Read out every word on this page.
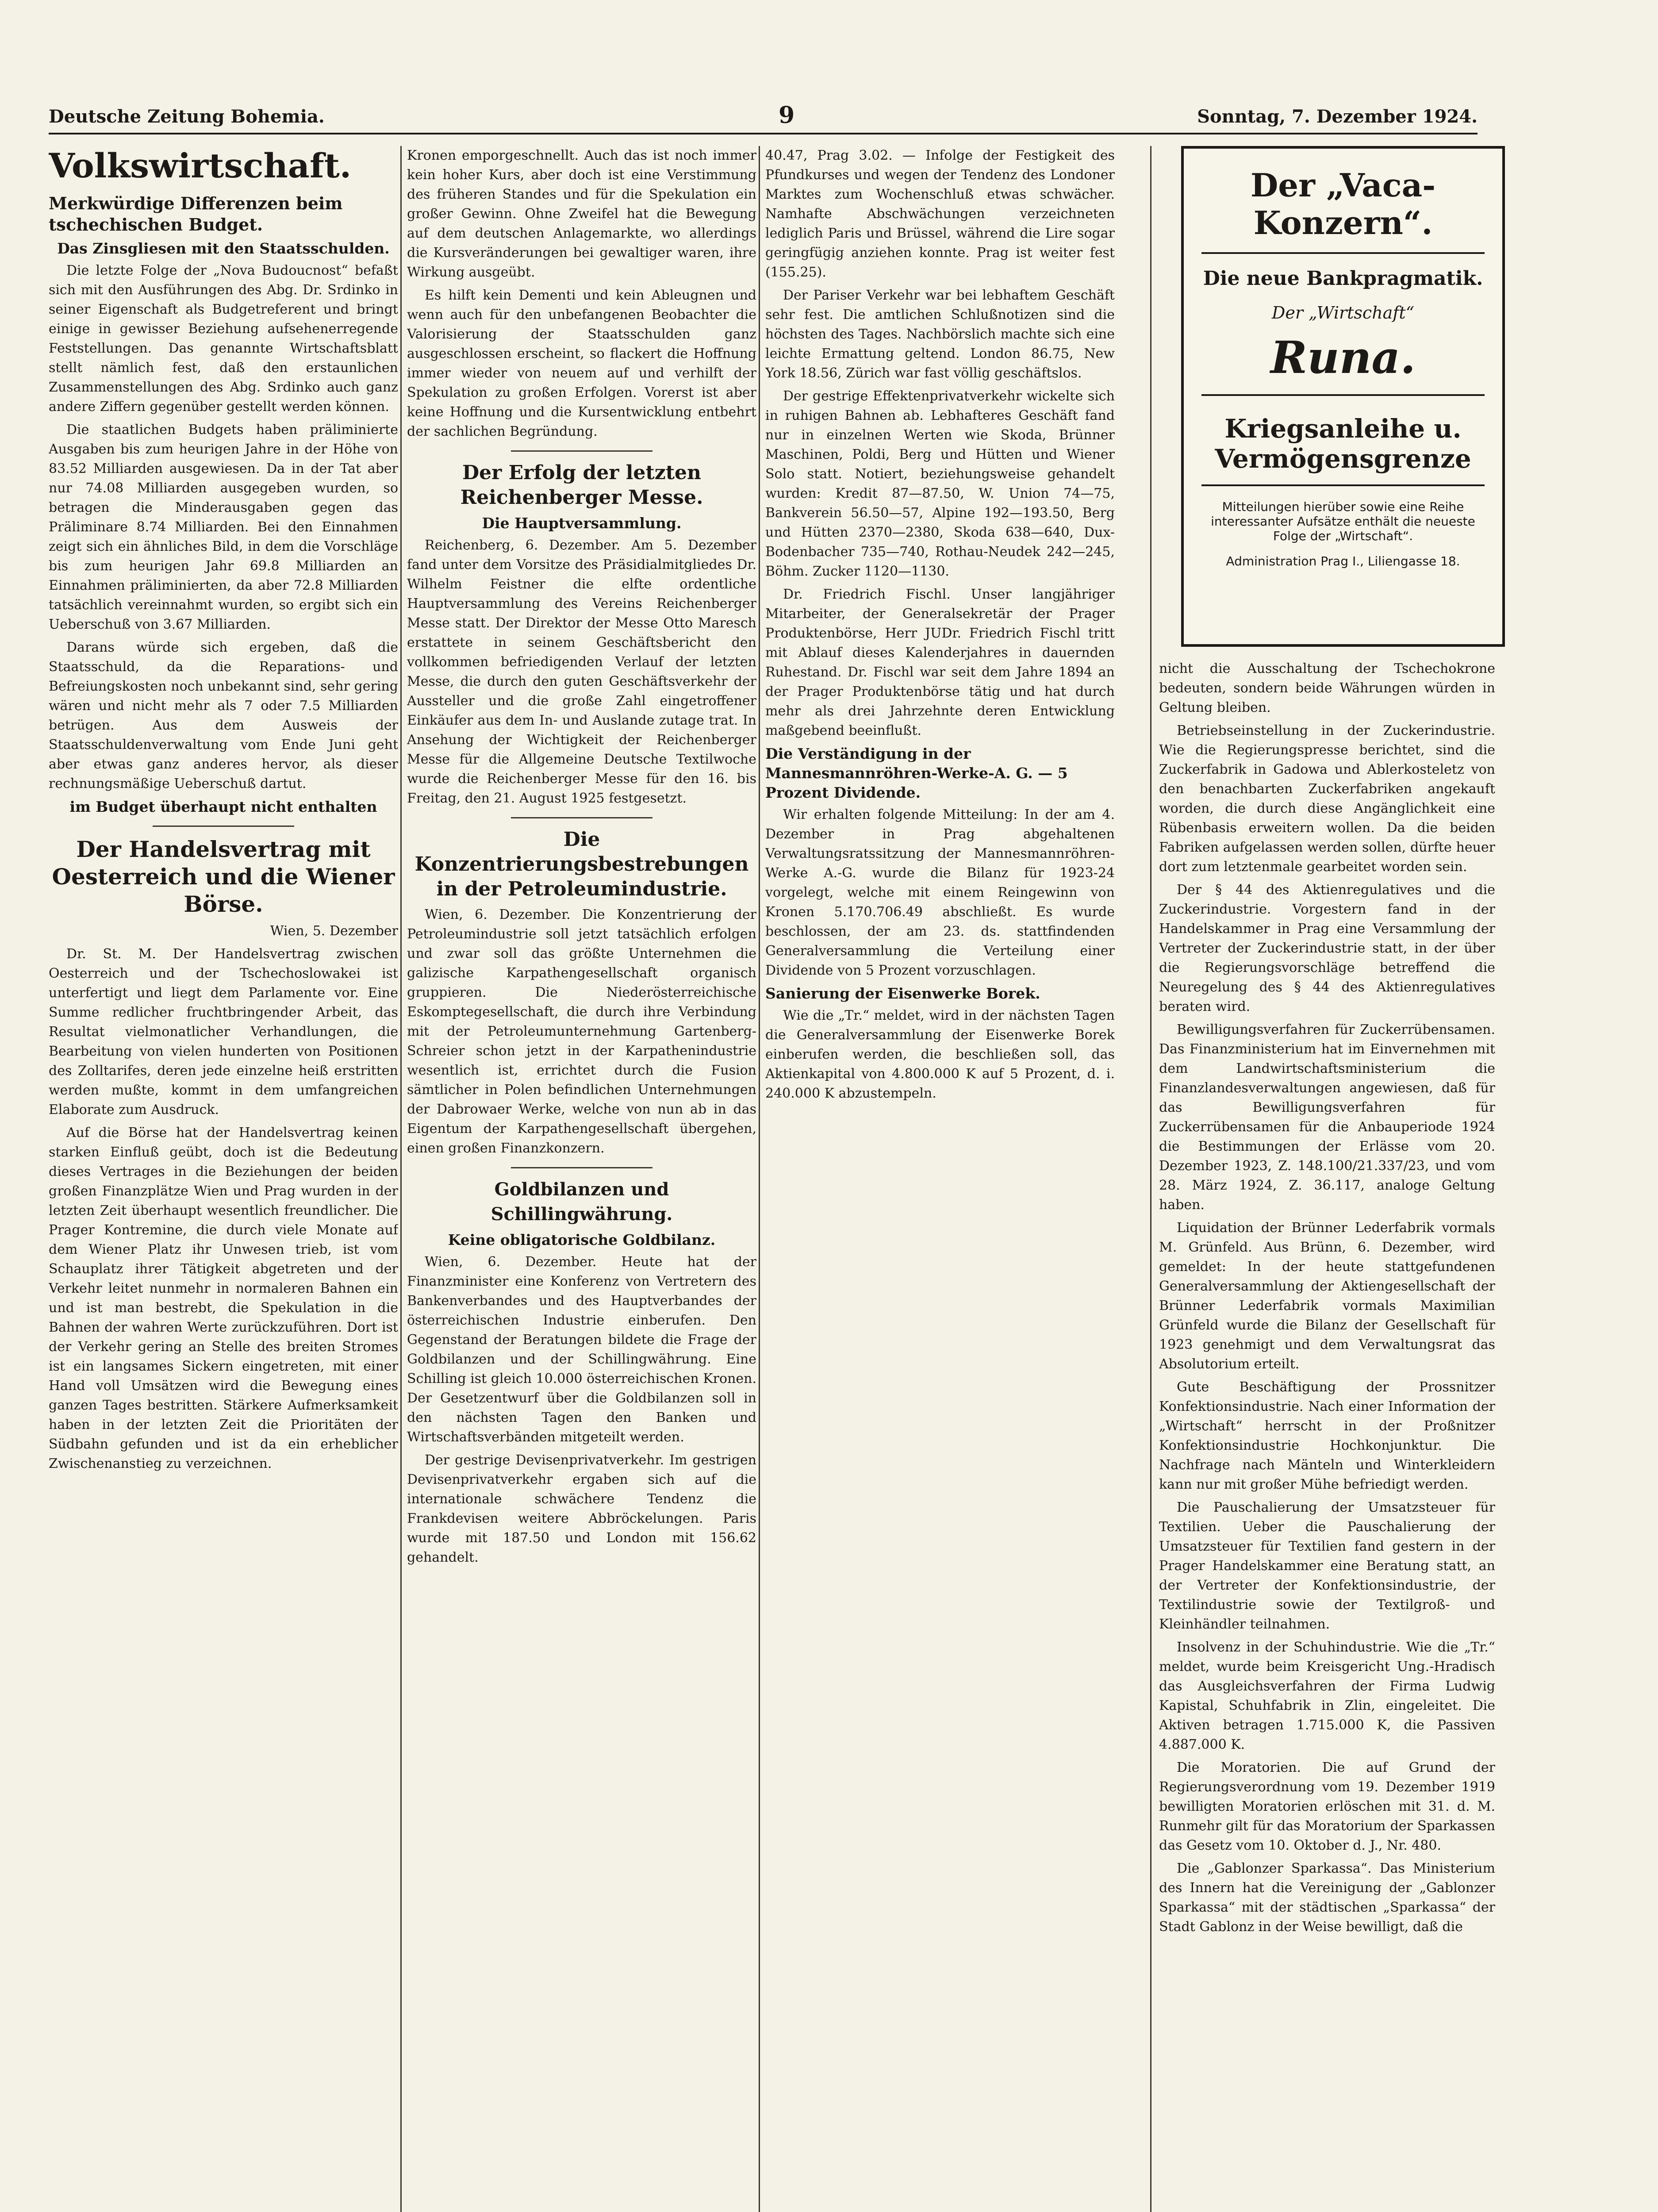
Deutsche Zeitung Bohemia.	9	Sonntag, 7. Dezember 1924.
Volkswirtschaft.
Merkwürdige Differenzen beim tschechischen Budget.
Das Zinsgliesen mit den Staatsschulden.

Die letzte Folge der „Nova Budoucnost“ befaßt sich mit den Ausführungen des Abg. Dr. Srdinko in seiner Eigenschaft als Budgetreferent und bringt einige in gewisser Beziehung aufsehenerregende Feststellungen. Das genannte Wirtschaftsblatt stellt nämlich fest, daß den erstaunlichen Zusammenstellungen des Abg. Srdinko auch ganz andere Ziffern gegenüber gestellt werden können.

Die staatlichen Budgets haben präliminierte Ausgaben bis zum heurigen Jahre in der Höhe von 83.52 Milliarden ausgewiesen. Da in der Tat aber nur 74.08 Milliarden ausgegeben wurden, so betragen die Minderausgaben gegen das Präliminare 8.74 Milliarden. Bei den Einnahmen zeigt sich ein ähnliches Bild, in dem die Vorschläge bis zum heurigen Jahr 69.8 Milliarden an Einnahmen präliminierten, da aber 72.8 Milliarden tatsächlich vereinnahmt wurden, so ergibt sich ein Ueberschuß von 3.67 Milliarden.

Darans würde sich ergeben, daß die Staatsschuld, da die Reparations- und Befreiungskosten noch unbekannt sind, sehr gering wären und nicht mehr als 7 oder 7.5 Milliarden betrügen. Aus dem Ausweis der Staatsschuldenverwaltung vom Ende Juni geht aber etwas ganz anderes hervor, als dieser rechnungsmäßige Ueberschuß dartut.

im Budget überhaupt nicht enthalten
Der Handelsvertrag mit Oesterreich und die Wiener Börse.

Wien, 5. Dezember

Dr. St. M. Der Handelsvertrag zwischen Oesterreich und der Tschechoslowakei ist unterfertigt und liegt dem Parlamente vor. Eine Summe redlicher fruchtbringender Arbeit, das Resultat vielmonatlicher Verhandlungen, die Bearbeitung von vielen hunderten von Positionen des Zolltarifes, deren jede einzelne heiß erstritten werden mußte, kommt in dem umfangreichen Elaborate zum Ausdruck.

Auf die Börse hat der Handelsvertrag keinen starken Einfluß geübt, doch ist die Bedeutung dieses Vertrages in die Beziehungen der beiden großen Finanzplätze Wien und Prag wurden in der letzten Zeit überhaupt wesentlich freundlicher. Die Prager Kontremine, die durch viele Monate auf dem Wiener Platz ihr Unwesen trieb, ist vom Schauplatz ihrer Tätigkeit abgetreten und der Verkehr leitet nunmehr in normaleren Bahnen ein und ist man bestrebt, die Spekulation in die Bahnen der wahren Werte zurückzuführen. Dort ist der Verkehr gering an Stelle des breiten Stromes ist ein langsames Sickern eingetreten, mit einer Hand voll Umsätzen wird die Bewegung eines ganzen Tages bestritten. Stärkere Aufmerksamkeit haben in der letzten Zeit die Prioritäten der Südbahn gefunden und ist da ein erheblicher Zwischenanstieg zu verzeichnen.

Kronen emporgeschnellt. Auch das ist noch immer kein hoher Kurs, aber doch ist eine Verstimmung des früheren Standes und für die Spekulation ein großer Gewinn. Ohne Zweifel hat die Bewegung auf dem deutschen Anlagemarkte, wo allerdings die Kursveränderungen bei gewaltiger waren, ihre Wirkung ausgeübt.

Es hilft kein Dementi und kein Ableugnen und wenn auch für den unbefangenen Beobachter die Valorisierung der Staatsschulden ganz ausgeschlossen erscheint, so flackert die Hoffnung immer wieder von neuem auf und verhilft der Spekulation zu großen Erfolgen. Vorerst ist aber keine Hoffnung und die Kursentwicklung entbehrt der sachlichen Begründung.

Der Erfolg der letzten Reichenberger Messe.
Die Hauptversammlung.

Reichenberg, 6. Dezember. Am 5. Dezember fand unter dem Vorsitze des Präsidialmitgliedes Dr. Wilhelm Feistner die elfte ordentliche Hauptversammlung des Vereins Reichenberger Messe statt. Der Direktor der Messe Otto Maresch erstattete in seinem Geschäftsbericht den vollkommen befriedigenden Verlauf der letzten Messe, die durch den guten Geschäftsverkehr der Aussteller und die große Zahl eingetroffener Einkäufer aus dem In- und Auslande zutage trat. In Ansehung der Wichtigkeit der Reichenberger Messe für die Allgemeine Deutsche Textilwoche wurde die Reichenberger Messe für den 16. bis Freitag, den 21. August 1925 festgesetzt.

Die Konzentrierungsbestrebungen in der Petroleumindustrie.

Wien, 6. Dezember. Die Konzentrierung der Petroleumindustrie soll jetzt tatsächlich erfolgen und zwar soll das größte Unternehmen die galizische Karpathengesellschaft organisch gruppieren. Die Niederösterreichische Eskomptegesellschaft, die durch ihre Verbindung mit der Petroleumunternehmung Gartenberg-Schreier schon jetzt in der Karpathenindustrie wesentlich ist, errichtet durch die Fusion sämtlicher in Polen befindlichen Unternehmungen der Dabrowaer Werke, welche von nun ab in das Eigentum der Karpathengesellschaft übergehen, einen großen Finanzkonzern.

Goldbilanzen und Schillingwährung.
Keine obligatorische Goldbilanz.

Wien, 6. Dezember. Heute hat der Finanzminister eine Konferenz von Vertretern des Bankenverbandes und des Hauptverbandes der österreichischen Industrie einberufen. Den Gegenstand der Beratungen bildete die Frage der Goldbilanzen und der Schillingwährung. Eine Schilling ist gleich 10.000 österreichischen Kronen. Der Gesetzentwurf über die Goldbilanzen soll in den nächsten Tagen den Banken und Wirtschaftsverbänden mitgeteilt werden.

Der gestrige Devisenprivatverkehr. Im gestrigen Devisenprivatverkehr ergaben sich auf die internationale schwächere Tendenz die Frankdevisen weitere Abbröckelungen. Paris wurde mit 187.50 und London mit 156.62 gehandelt.

40.47, Prag 3.02. — Infolge der Festigkeit des Pfundkurses und wegen der Tendenz des Londoner Marktes zum Wochenschluß etwas schwächer. Namhafte Abschwächungen verzeichneten lediglich Paris und Brüssel, während die Lire sogar geringfügig anziehen konnte. Prag ist weiter fest (155.25).

Der Pariser Verkehr war bei lebhaftem Geschäft sehr fest. Die amtlichen Schlußnotizen sind die höchsten des Tages. Nachbörslich machte sich eine leichte Ermattung geltend. London 86.75, New York 18.56, Zürich war fast völlig geschäftslos.

Der gestrige Effektenprivatverkehr wickelte sich in ruhigen Bahnen ab. Lebhafteres Geschäft fand nur in einzelnen Werten wie Skoda, Brünner Maschinen, Poldi, Berg und Hütten und Wiener Solo statt. Notiert, beziehungsweise gehandelt wurden: Kredit 87—87.50, W. Union 74—75, Bankverein 56.50—57, Alpine 192—193.50, Berg und Hütten 2370—2380, Skoda 638—640, Dux-Bodenbacher 735—740, Rothau-Neudek 242—245, Böhm. Zucker 1120—1130.

Dr. Friedrich Fischl. Unser langjähriger Mitarbeiter, der Generalsekretär der Prager Produktenbörse, Herr JUDr. Friedrich Fischl tritt mit Ablauf dieses Kalenderjahres in dauernden Ruhestand. Dr. Fischl war seit dem Jahre 1894 an der Prager Produktenbörse tätig und hat durch mehr als drei Jahrzehnte deren Entwicklung maßgebend beeinflußt.

Die Verständigung in der Mannesmannröhren-Werke-A. G. — 5 Prozent Dividende.

Wir erhalten folgende Mitteilung: In der am 4. Dezember in Prag abgehaltenen Verwaltungsratssitzung der Mannesmannröhren-Werke A.-G. wurde die Bilanz für 1923-24 vorgelegt, welche mit einem Reingewinn von Kronen 5.170.706.49 abschließt. Es wurde beschlossen, der am 23. ds. stattfindenden Generalversammlung die Verteilung einer Dividende von 5 Prozent vorzuschlagen.

Sanierung der Eisenwerke Borek.

Wie die „Tr.“ meldet, wird in der nächsten Tagen die Generalversammlung der Eisenwerke Borek einberufen werden, die beschließen soll, das Aktienkapital von 4.800.000 K auf 5 Prozent, d. i. 240.000 K abzustempeln.

nicht die Ausschaltung der Tschechokrone bedeuten, sondern beide Währungen würden in Geltung bleiben.

Betriebseinstellung in der Zuckerindustrie. Wie die Regierungspresse berichtet, sind die Zuckerfabrik in Gadowa und Ablerkosteletz von den benachbarten Zuckerfabriken angekauft worden, die durch diese Angänglichkeit eine Rübenbasis erweitern wollen. Da die beiden Fabriken aufgelassen werden sollen, dürfte heuer dort zum letztenmale gearbeitet worden sein.

Der § 44 des Aktienregulatives und die Zuckerindustrie. Vorgestern fand in der Handelskammer in Prag eine Versammlung der Vertreter der Zuckerindustrie statt, in der über die Regierungsvorschläge betreffend die Neuregelung des § 44 des Aktienregulatives beraten wird.

Bewilligungsverfahren für Zuckerrübensamen. Das Finanzministerium hat im Einvernehmen mit dem Landwirtschaftsministerium die Finanzlandesverwaltungen angewiesen, daß für das Bewilligungsverfahren für Zuckerrübensamen für die Anbauperiode 1924 die Bestimmungen der Erlässe vom 20. Dezember 1923, Z. 148.100/21.337/23, und vom 28. März 1924, Z. 36.117, analoge Geltung haben.

Liquidation der Brünner Lederfabrik vormals M. Grünfeld. Aus Brünn, 6. Dezember, wird gemeldet: In der heute stattgefundenen Generalversammlung der Aktiengesellschaft der Brünner Lederfabrik vormals Maximilian Grünfeld wurde die Bilanz der Gesellschaft für 1923 genehmigt und dem Verwaltungsrat das Absolutorium erteilt.

Gute Beschäftigung der Prossnitzer Konfektionsindustrie. Nach einer Information der „Wirtschaft“ herrscht in der Proßnitzer Konfektionsindustrie Hochkonjunktur. Die Nachfrage nach Mänteln und Winterkleidern kann nur mit großer Mühe befriedigt werden.

Die Pauschalierung der Umsatzsteuer für Textilien. Ueber die Pauschalierung der Umsatzsteuer für Textilien fand gestern in der Prager Handelskammer eine Beratung statt, an der Vertreter der Konfektionsindustrie, der Textilindustrie sowie der Textilgroß- und Kleinhändler teilnahmen.

Insolvenz in der Schuhindustrie. Wie die „Tr.“ meldet, wurde beim Kreisgericht Ung.-Hradisch das Ausgleichsverfahren der Firma Ludwig Kapistal, Schuhfabrik in Zlin, eingeleitet. Die Aktiven betragen 1.715.000 K, die Passiven 4.887.000 K.

Die Moratorien. Die auf Grund der Regierungsverordnung vom 19. Dezember 1919 bewilligten Moratorien erlöschen mit 31. d. M. Runmehr gilt für das Moratorium der Sparkassen das Gesetz vom 10. Oktober d. J., Nr. 480.

Die „Gablonzer Sparkassa“. Das Ministerium des Innern hat die Vereinigung der „Gablonzer Sparkassa“ mit der städtischen „Sparkassa“ der Stadt Gablonz in der Weise bewilligt, daß die

Der „Vaca-Konzern“.
Die neue Bankpragmatik.
Der „Wirtschaft“
Runa.
Kriegsanleihe u. Vermögensgrenze
Mitteilungen hierüber sowie eine Reihe interessanter Aufsätze enthält die neueste Folge der „Wirtschaft“.
Administration Prag I., Liliengasse 18.
